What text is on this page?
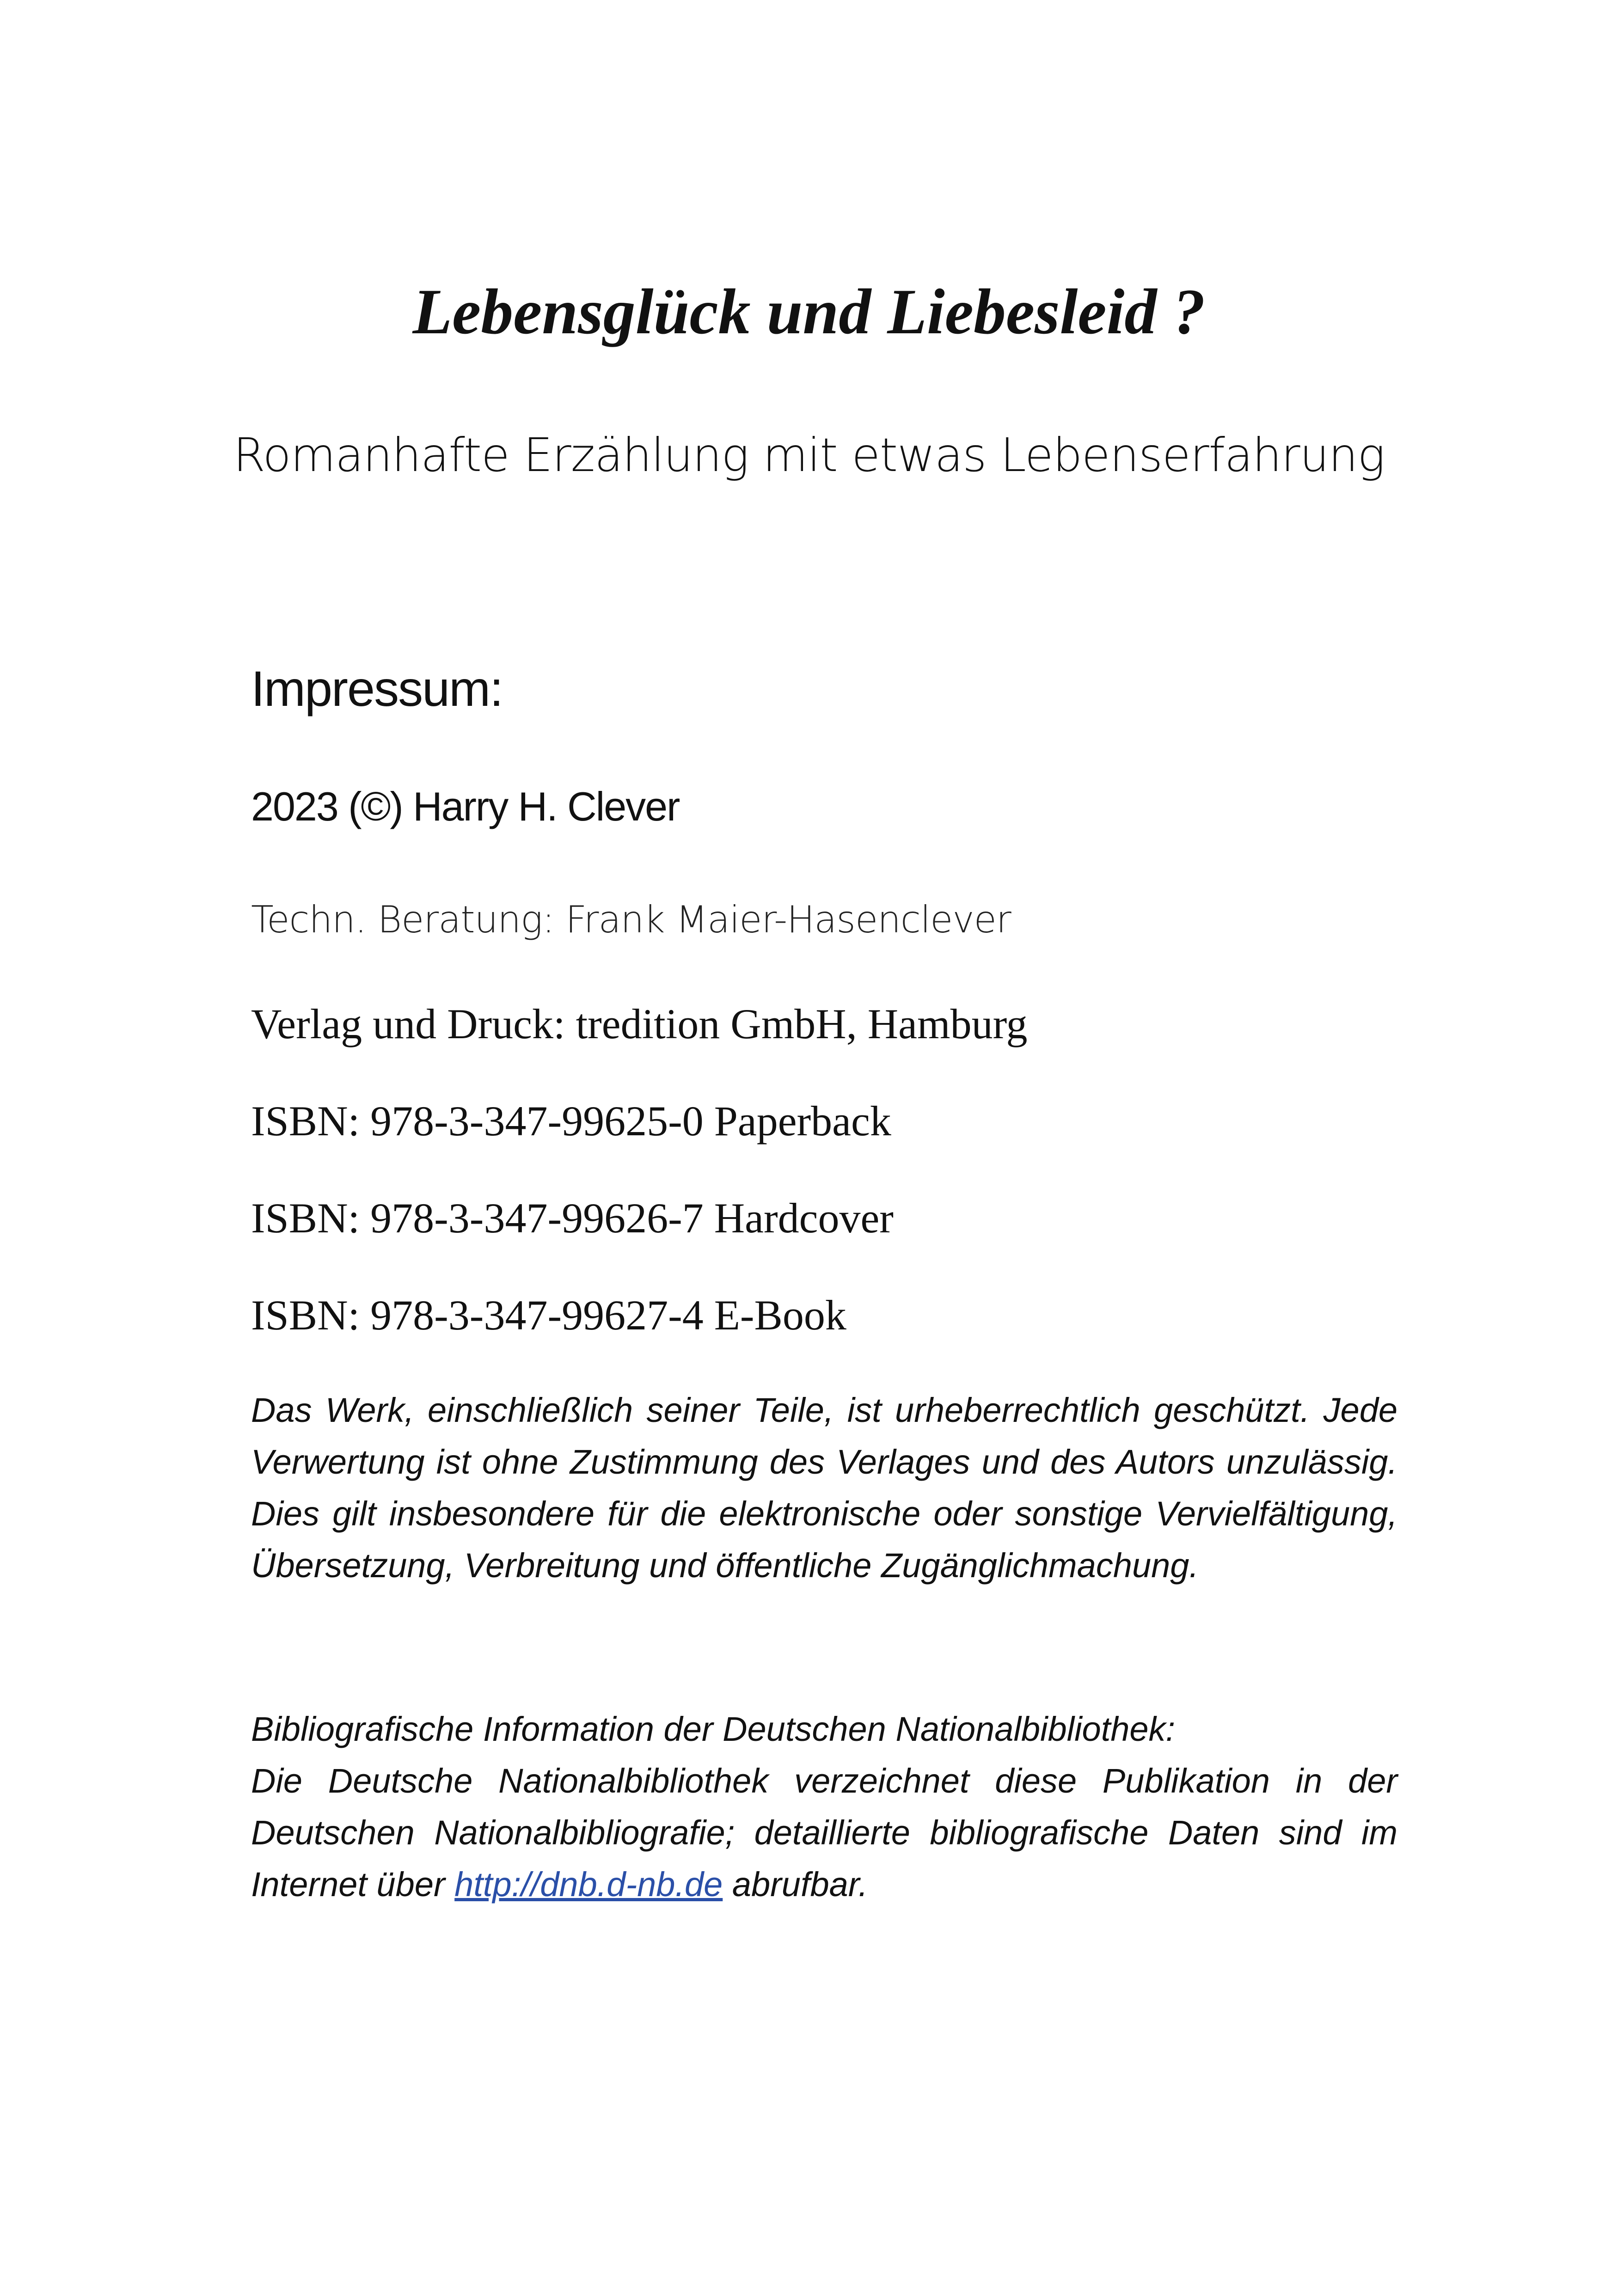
Lebensglück und Liebesleid ?
Romanhafte Erzählung mit etwas Lebenserfahrung
Impressum:
2023 (©) Harry H. Clever
Techn. Beratung: Frank Maier-Hasenclever
Verlag und Druck: tredition GmbH, Hamburg
ISBN: 978-3-347-99625-0 Paperback
ISBN: 978-3-347-99626-7 Hardcover
ISBN: 978-3-347-99627-4 E-Book
Das Werk, einschließlich seiner Teile, ist urheberrechtlich geschützt. Jede Verwertung ist ohne Zustimmung des Verlages und des Autors unzulässig. Dies gilt insbesondere für die elektronische oder sonstige Vervielfältigung, Übersetzung, Verbreitung und öffentliche Zugänglichmachung.
Bibliografische Information der Deutschen Nationalbibliothek:
Die Deutsche Nationalbibliothek verzeichnet diese Publikation in der Deutschen Nationalbibliografie; detaillierte bibliografische Daten sind im Internet über http://dnb.d-nb.de abrufbar.
